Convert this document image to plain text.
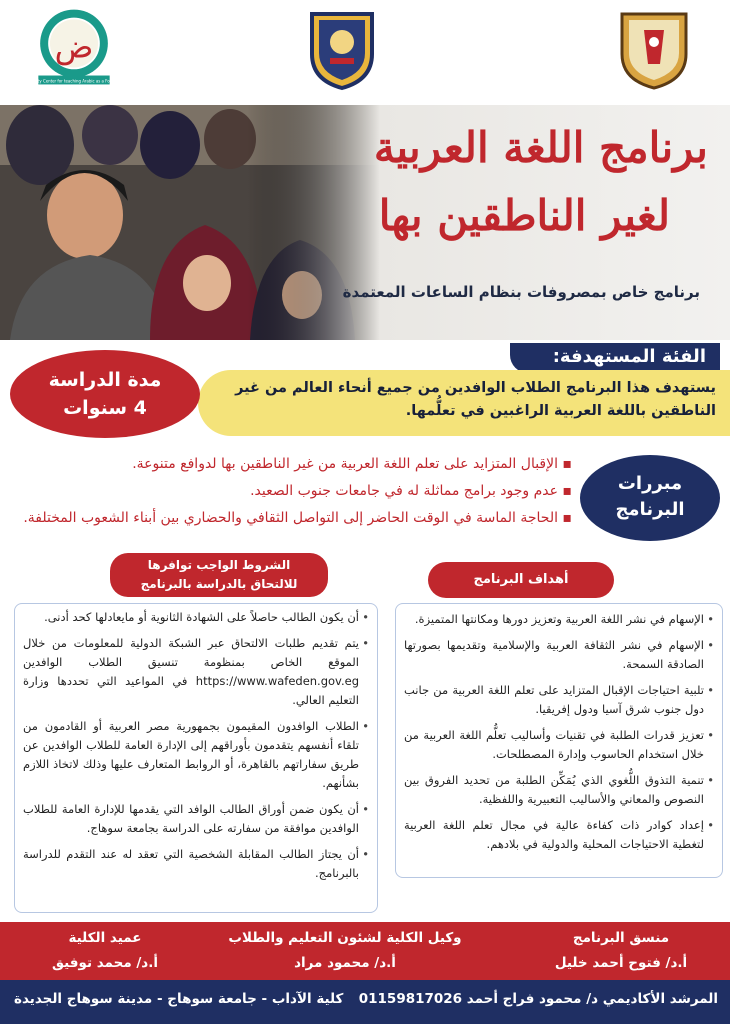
ض
Sohag university Center for teaching Arabic as a Foreign language
برنامج اللغة العربية
لغير الناطقين بها
برنامج خاص بمصروفات بنظام الساعات المعتمدة
الفئة المستهدفة:
يستهدف هذا البرنامج الطلاب الوافدين من جميع أنحاء العالم من غير الناطقين باللغة العربية الراغبين في تعلُّمها.
مدة الدراسة
4 سنوات
مبررات
البرنامج
▪ الإقبال المتزايد على تعلم اللغة العربية من غير الناطقين بها لدوافع متنوعة.
▪ عدم وجود برامج مماثلة له في جامعات جنوب الصعيد.
▪ الحاجة الماسة في الوقت الحاضر إلى التواصل الثقافي والحضاري بين أبناء الشعوب المختلفة.
أهداف البرنامج
الشروط الواجب توافرها
للالتحاق بالدراسة بالبرنامج
• الإسهام في نشر اللغة العربية وتعزيز دورها ومكانتها المتميزة.
• الإسهام في نشر الثقافة العربية والإسلامية وتقديمها بصورتها الصادقة السمحة.
• تلبية احتياجات الإقبال المتزايد على تعلم اللغة العربية من جانب دول جنوب شرق آسيا ودول إفريقيا.
• تعزيز قدرات الطلبة في تقنيات وأساليب تعلُّم اللغة العربية من خلال استخدام الحاسوب وإدارة المصطلحات.
• تنمية التذوق اللُّغوي الذي يُمَكِّن الطلبة من تحديد الفروق بين النصوص والمعاني والأساليب التعبيرية واللفظية.
• إعداد كوادر ذات كفاءة عالية في مجال تعلم اللغة العربية لتغطية الاحتياجات المحلية والدولية في بلادهم.
• أن يكون الطالب حاصلاً على الشهادة الثانوية أو مايعادلها كحد أدنى.
• يتم تقديم طلبات الالتحاق عبر الشبكة الدولية للمعلومات من خلال الموقع الخاص بمنظومة تنسيق الطلاب الوافدين https://www.wafeden.gov.eg في المواعيد التي تحددها وزارة التعليم العالي.
• الطلاب الوافدون المقيمون بجمهورية مصر العربية أو القادمون من تلقاء أنفسهم يتقدمون بأوراقهم إلى الإدارة العامة للطلاب الوافدين عن طريق سفاراتهم بالقاهرة، أو الروابط المتعارف عليها وذلك لاتخاذ اللازم بشأنهم.
• أن يكون ضمن أوراق الطالب الوافد التي يقدمها للإدارة العامة للطلاب الوافدين موافقة من سفارته على الدراسة بجامعة سوهاج.
• أن يجتاز الطالب المقابلة الشخصية التي تعقد له عند التقدم للدراسة بالبرنامج.
منسق البرنامج
أ.د/ فتوح أحمد خليل
وكيل الكلية لشئون التعليم والطلاب
أ.د/ محمود مراد
عميد الكلية
أ.د/ محمد توفيق
المرشد الأكاديمي د/ محمود فراج أحمد 01159817026
كلية الآداب - جامعة سوهاج - مدينة سوهاج الجديدة
